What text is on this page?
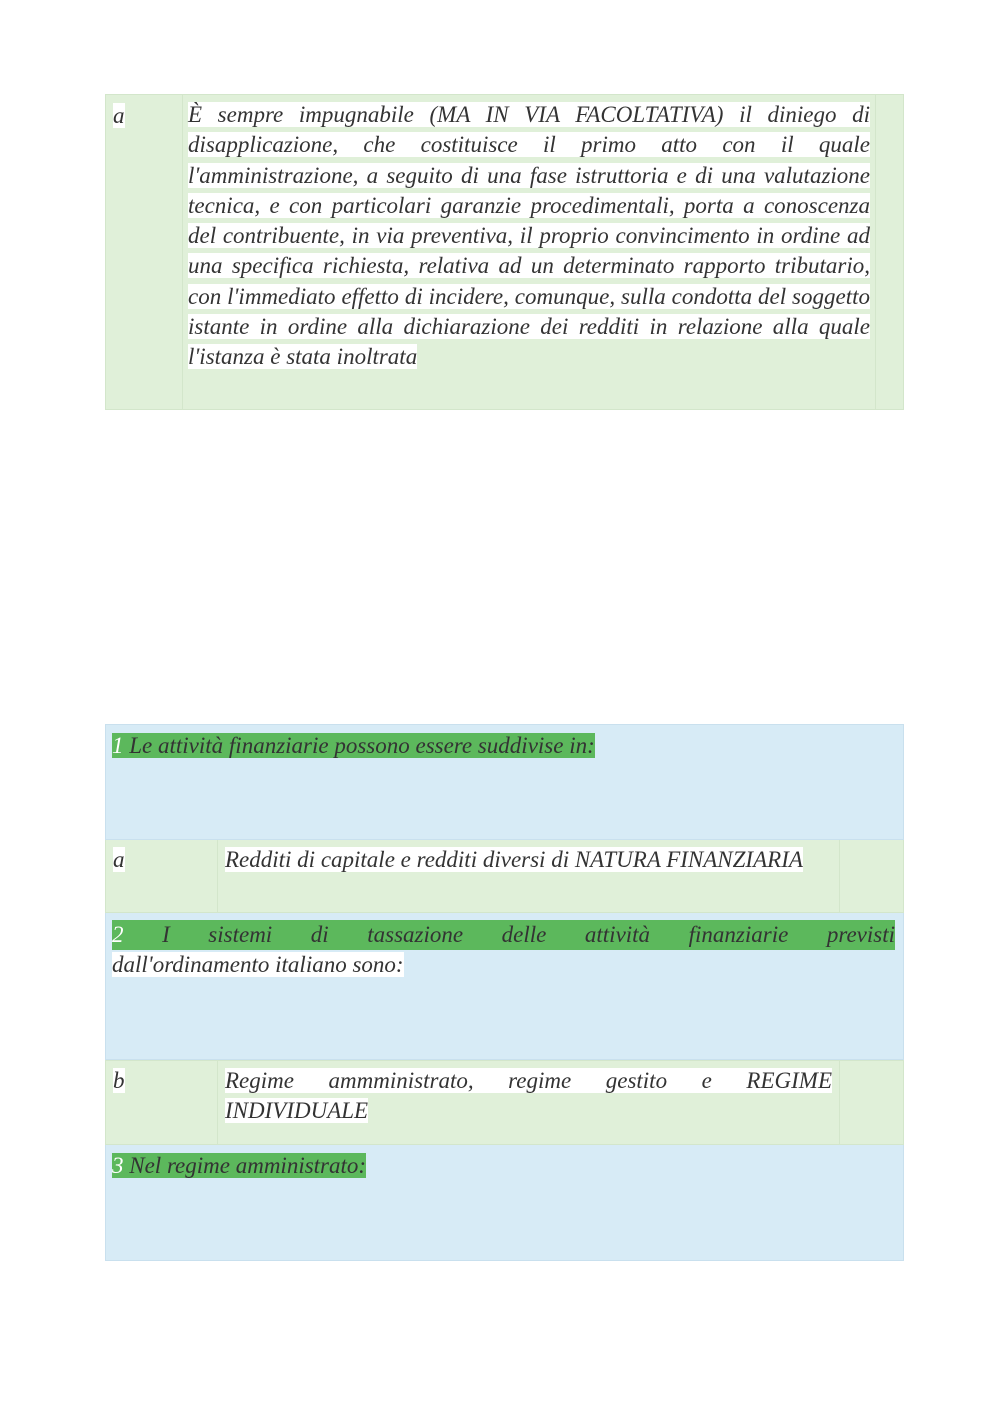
a	È sempre impugnabile (MA IN VIA FACOLTATIVA) il diniego di disapplicazione, che costituisce il primo atto con il quale l'amministrazione, a seguito di una fase istruttoria e di una valutazione tecnica, e con particolari garanzie procedimentali, porta a conoscenza del contribuente, in via preventiva, il proprio convincimento in ordine ad una specifica richiesta, relativa ad un determinato rapporto tributario, con l'immediato effetto di incidere, comunque, sulla condotta del soggetto istante in ordine alla dichiarazione dei redditi in relazione alla quale l'istanza è stata inoltrata
1 Le attività finanziarie possono essere suddivise in:
a	Redditi di capitale e redditi diversi di NATURA FINANZIARIA
2 I sistemi di tassazione delle attività finanziarie previsti
dall'ordinamento italiano sono:
b	Regime ammministrato, regime gestito e REGIME INDIVIDUALE
3 Nel regime amministrato:
